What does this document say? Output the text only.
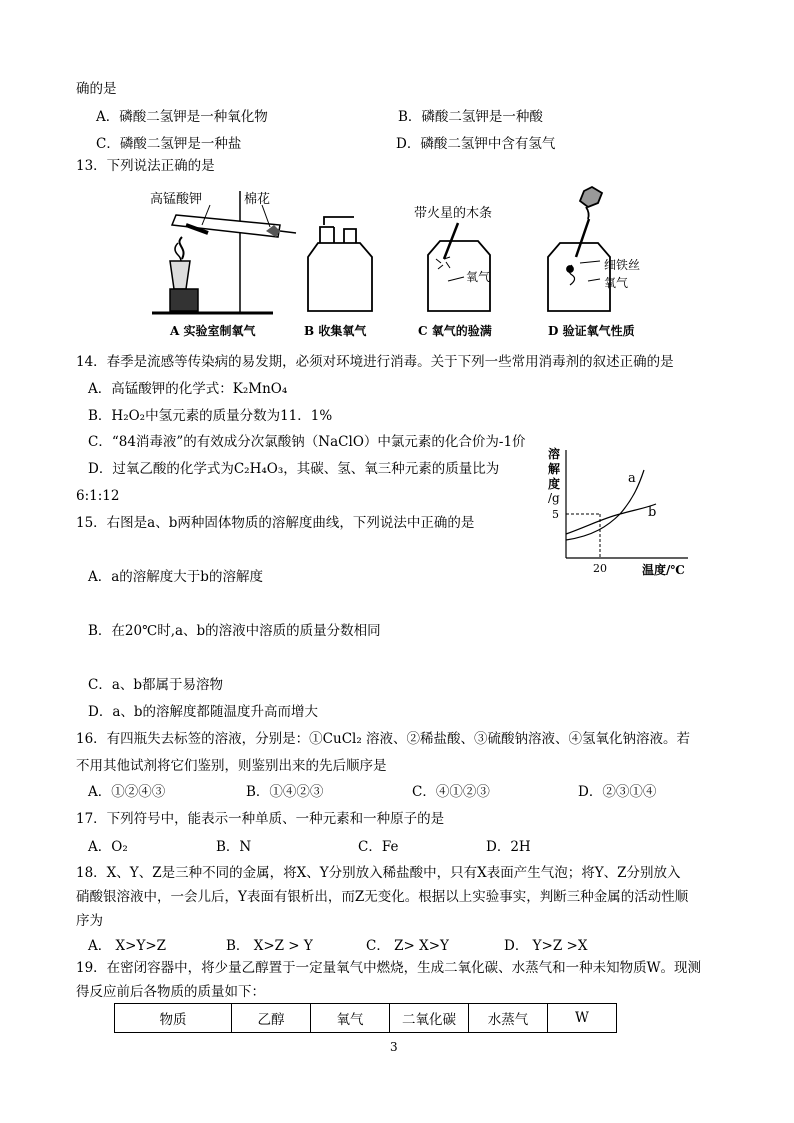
确的是
A．磷酸二氢钾是一种氧化物	B．磷酸二氢钾是一种酸
C．磷酸二氢钾是一种盐	D．磷酸二氢钾中含有氢气
13．下列说法正确的是
高锰酸钾	棉花
带火星的木条
氧气
细铁丝
氧气
A 实验室制氧气	B 收集氧气	C 氧气的验满	D 验证氧气性质
14．春季是流感等传染病的易发期，必须对环境进行消毒。关于下列一些常用消毒剂的叙述正确的是
A．高锰酸钾的化学式：K₂MnO₄
B．H₂O₂中氢元素的质量分数为11．1%
C．“84消毒液”的有效成分次氯酸钠（NaClO）中氯元素的化合价为-1价
D．过氧乙酸的化学式为C₂H₄O₃，其碳、氢、氧三种元素的质量比为
6:1:12
15．右图是a、b两种固体物质的溶解度曲线，下列说法中正确的是
A．a的溶解度大于b的溶解度
B．在20℃时,a、b的溶液中溶质的质量分数相同
C．a、b都属于易溶物
D．a、b的溶解度都随温度升高而增大
溶
解
度
/g
5
20	温度/℃
a
b
16．有四瓶失去标签的溶液，分别是：①CuCl₂ 溶液、②稀盐酸、③硫酸钠溶液、④氢氧化钠溶液。若
不用其他试剂将它们鉴别，则鉴别出来的先后顺序是
A．①②④③	B．①④②③	C．④①②③	D．②③①④
17．下列符号中，能表示一种单质、一种元素和一种原子的是
A．O₂	B．N	C．Fe	D．2H
18．X、Y、Z是三种不同的金属，将X、Y分别放入稀盐酸中，只有X表面产生气泡；将Y、Z分别放入
硝酸银溶液中，一会儿后，Y表面有银析出，而Z无变化。根据以上实验事实，判断三种金属的活动性顺
序为
A． X>Y>Z	B． X>Z > Y	C． Z> X>Y	D． Y>Z >X
19．在密闭容器中，将少量乙醇置于一定量氧气中燃烧，生成二氧化碳、水蒸气和一种未知物质W。现测
得反应前后各物质的质量如下：
物质	乙醇	氧气	二氧化碳	水蒸气	W
3
